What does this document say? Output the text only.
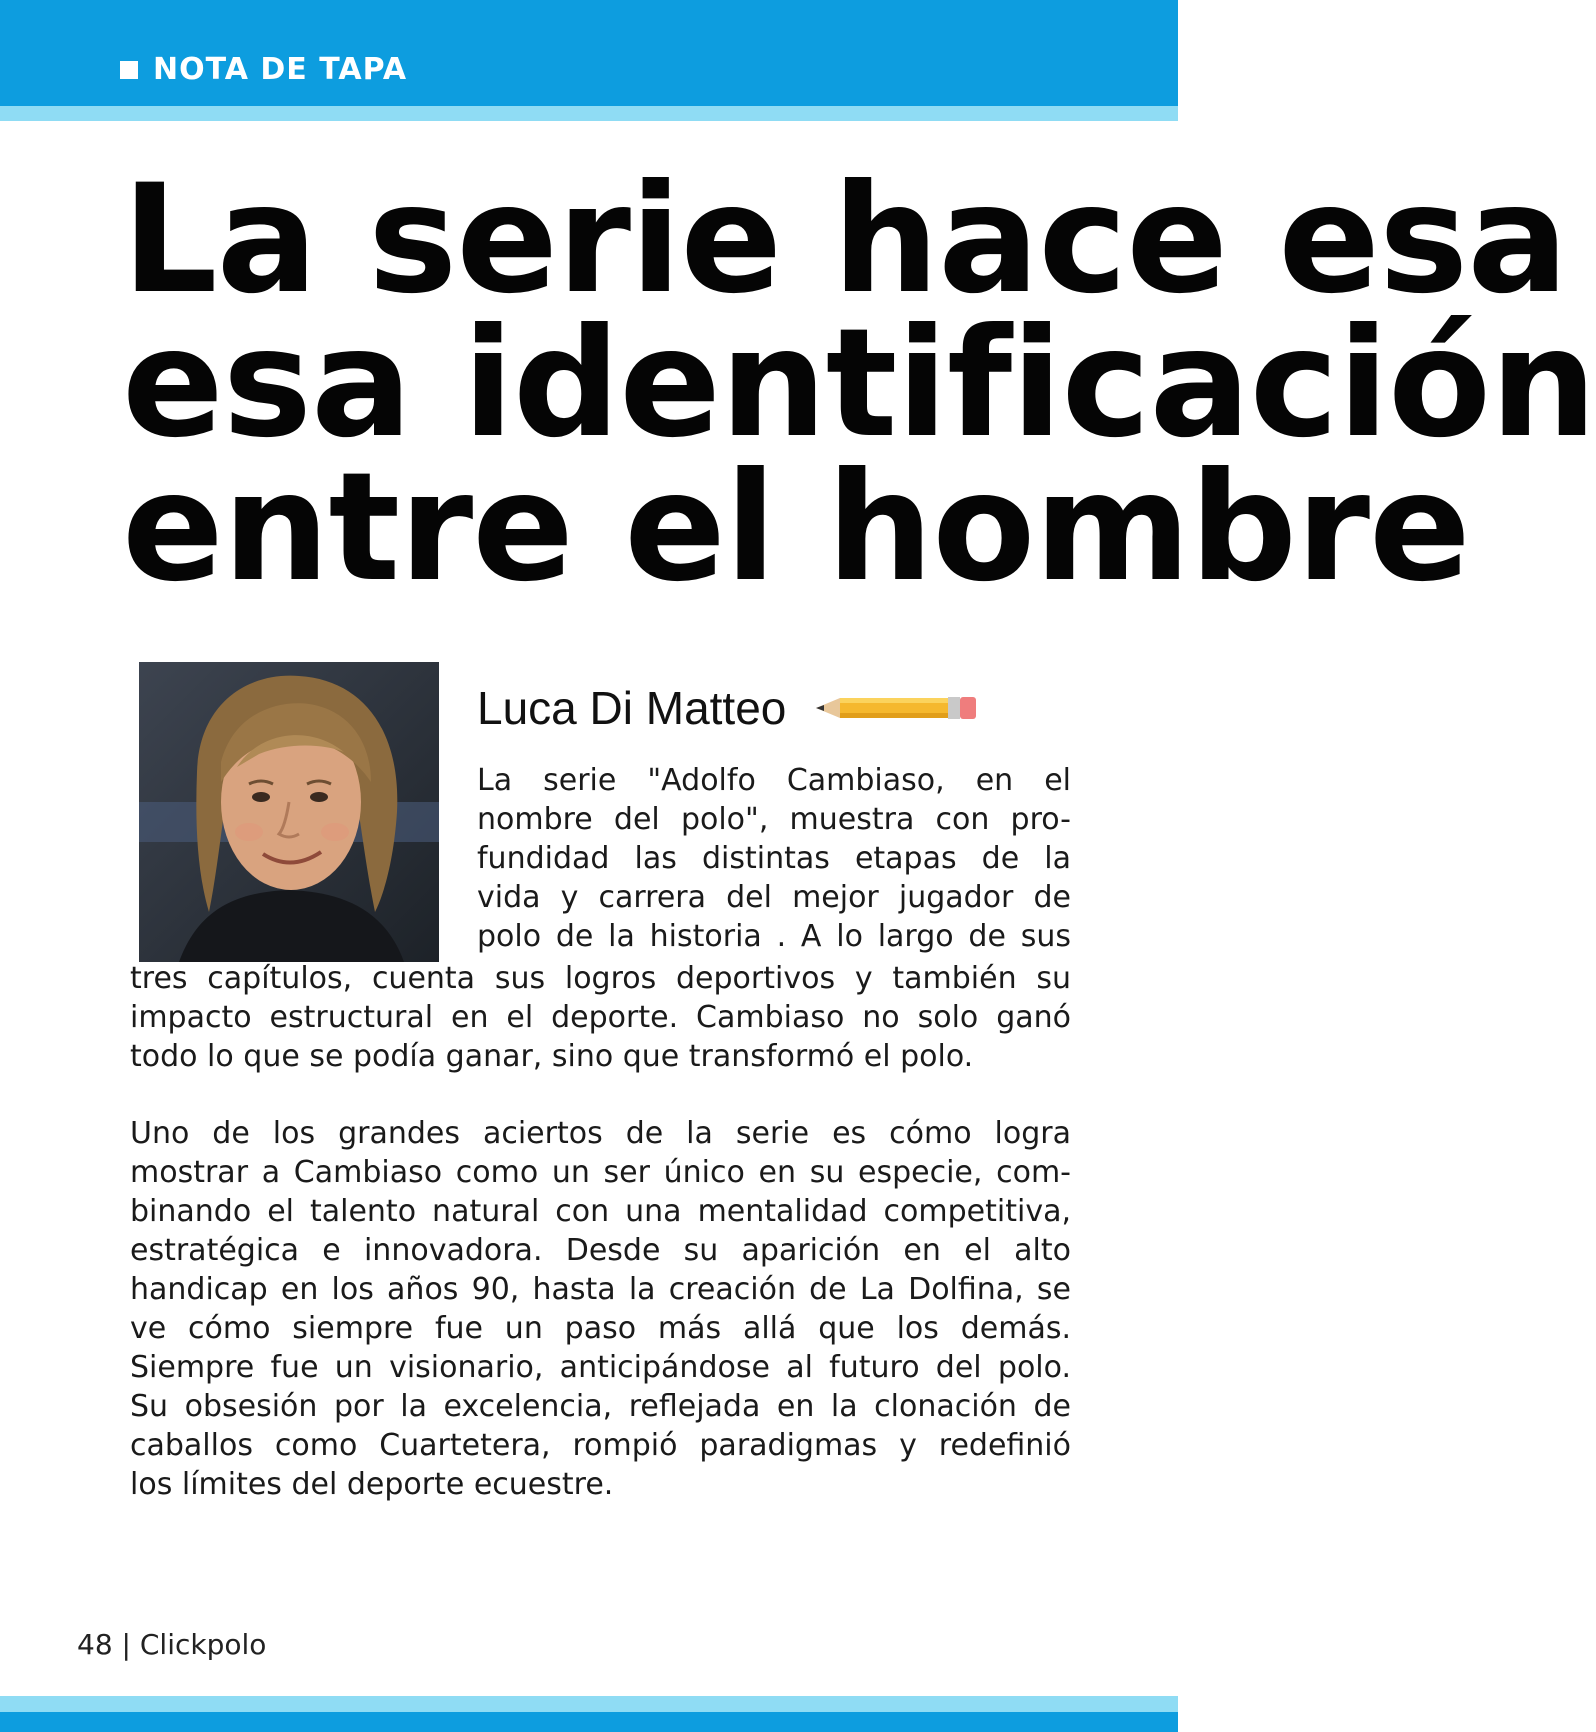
NOTA DE TAPA
La serie hace esa
esa identificación
entre el hombre
Luca Di Matteo
La serie "Adolfo Cambiaso, en el
nombre del polo", muestra con pro-
fundidad las distintas etapas de la
vida y carrera del mejor jugador de
polo de la historia . A lo largo de sus
tres capítulos, cuenta sus logros deportivos y también su
impacto estructural en el deporte. Cambiaso no solo ganó
todo lo que se podía ganar, sino que transformó el polo.
Uno de los grandes aciertos de la serie es cómo logra
mostrar a Cambiaso como un ser único en su especie, com-
binando el talento natural con una mentalidad competitiva,
estratégica e innovadora. Desde su aparición en el alto
handicap en los años 90, hasta la creación de La Dolfina, se
ve cómo siempre fue un paso más allá que los demás.
Siempre fue un visionario, anticipándose al futuro del polo.
Su obsesión por la excelencia, reflejada en la clonación de
caballos como Cuartetera, rompió paradigmas y redefinió
los límites del deporte ecuestre.
48 | Clickpolo
